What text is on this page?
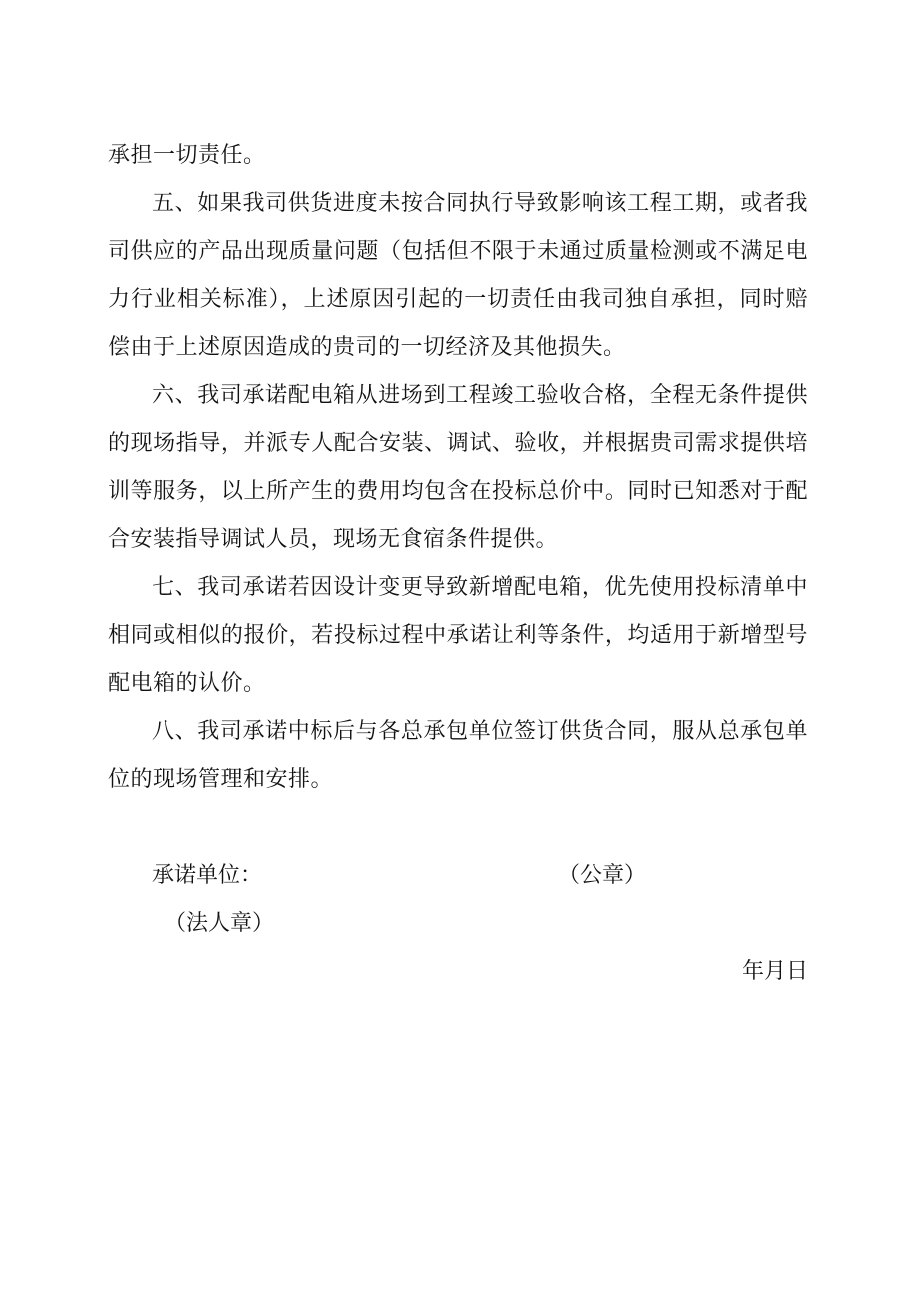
承担一切责任。

五、如果我司供货进度未按合同执行导致影响该工程工期，或者我司供应的产品出现质量问题（包括但不限于未通过质量检测或不满足电力行业相关标准），上述原因引起的一切责任由我司独自承担，同时赔偿由于上述原因造成的贵司的一切经济及其他损失。

六、我司承诺配电箱从进场到工程竣工验收合格，全程无条件提供的现场指导，并派专人配合安装、调试、验收，并根据贵司需求提供培训等服务，以上所产生的费用均包含在投标总价中。同时已知悉对于配合安装指导调试人员，现场无食宿条件提供。

七、我司承诺若因设计变更导致新增配电箱，优先使用投标清单中相同或相似的报价，若投标过程中承诺让利等条件，均适用于新增型号配电箱的认价。

八、我司承诺中标后与各总承包单位签订供货合同，服从总承包单位的现场管理和安排。

承诺单位：	（公章）
（法人章）
年月日
